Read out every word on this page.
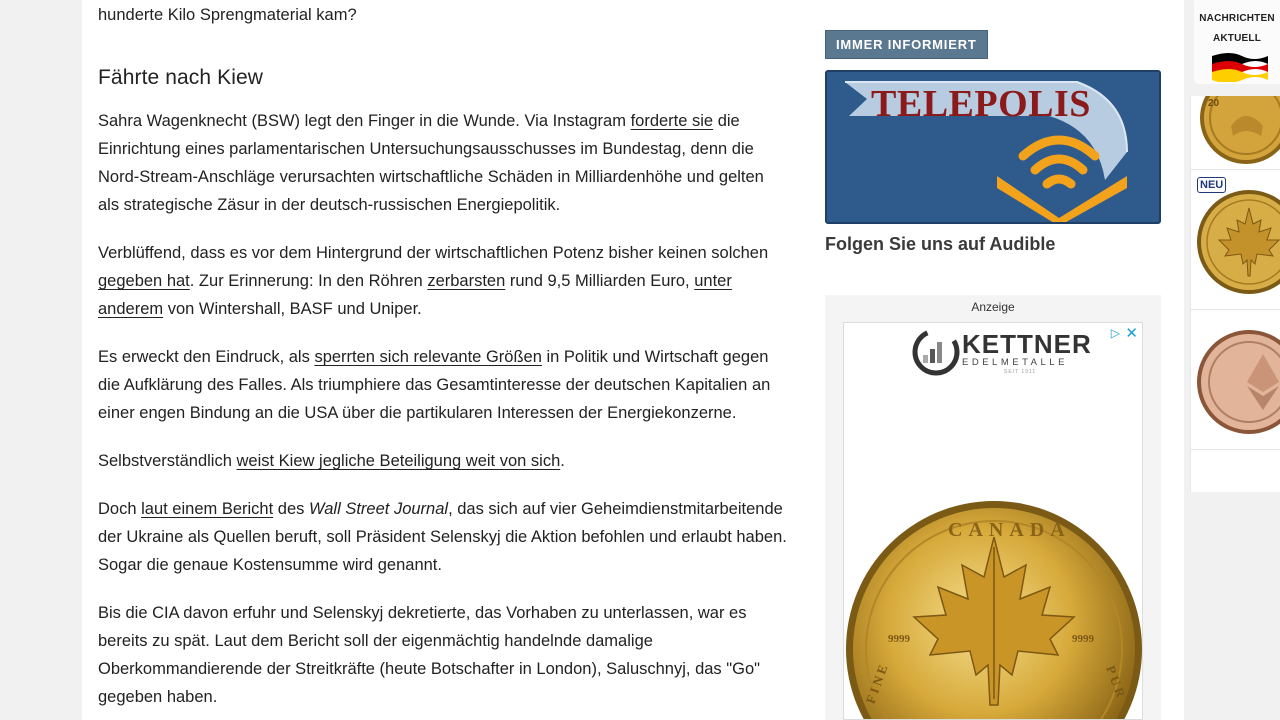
hunderte Kilo Sprengmaterial kam?

Fährte nach Kiew

Sahra Wagenknecht (BSW) legt den Finger in die Wunde. Via Instagram forderte sie die Einrichtung eines parlamentarischen Untersuchungsausschusses im Bundestag, denn die Nord-Stream-Anschläge verursachten wirtschaftliche Schäden in Milliardenhöhe und gelten als strategische Zäsur in der deutsch-russischen Energiepolitik.

Verblüffend, dass es vor dem Hintergrund der wirtschaftlichen Potenz bisher keinen solchen gegeben hat. Zur Erinnerung: In den Röhren zerbarsten rund 9,5 Milliarden Euro, unter anderem von Wintershall, BASF und Uniper.

Es erweckt den Eindruck, als sperrten sich relevante Größen in Politik und Wirtschaft gegen die Aufklärung des Falles. Als triumphiere das Gesamtinteresse der deutschen Kapitalien an einer engen Bindung an die USA über die partikularen Interessen der Energiekonzerne.

Selbstverständlich weist Kiew jegliche Beteiligung weit von sich.

Doch laut einem Bericht des Wall Street Journal, das sich auf vier Geheimdienstmitarbeitende der Ukraine als Quellen beruft, soll Präsident Selenskyj die Aktion befohlen und erlaubt haben. Sogar die genaue Kostensumme wird genannt.

Bis die CIA davon erfuhr und Selenskyj dekretierte, das Vorhaben zu unterlassen, war es bereits zu spät. Laut dem Bericht soll der eigenmächtig handelnde damalige Oberkommandierende der Streitkräfte (heute Botschafter in London), Saluschnyj, das "Go" gegeben haben.

IMMER INFORMIERT
TELEPOLIS
Folgen Sie uns auf Audible
Anzeige
▷ ✕
KETTNER
EDELMETALLE
SEIT 1911
CANADA
9999	9999
FINE	PUR
NACHRICHTEN
AKTUELL
20
NEU
